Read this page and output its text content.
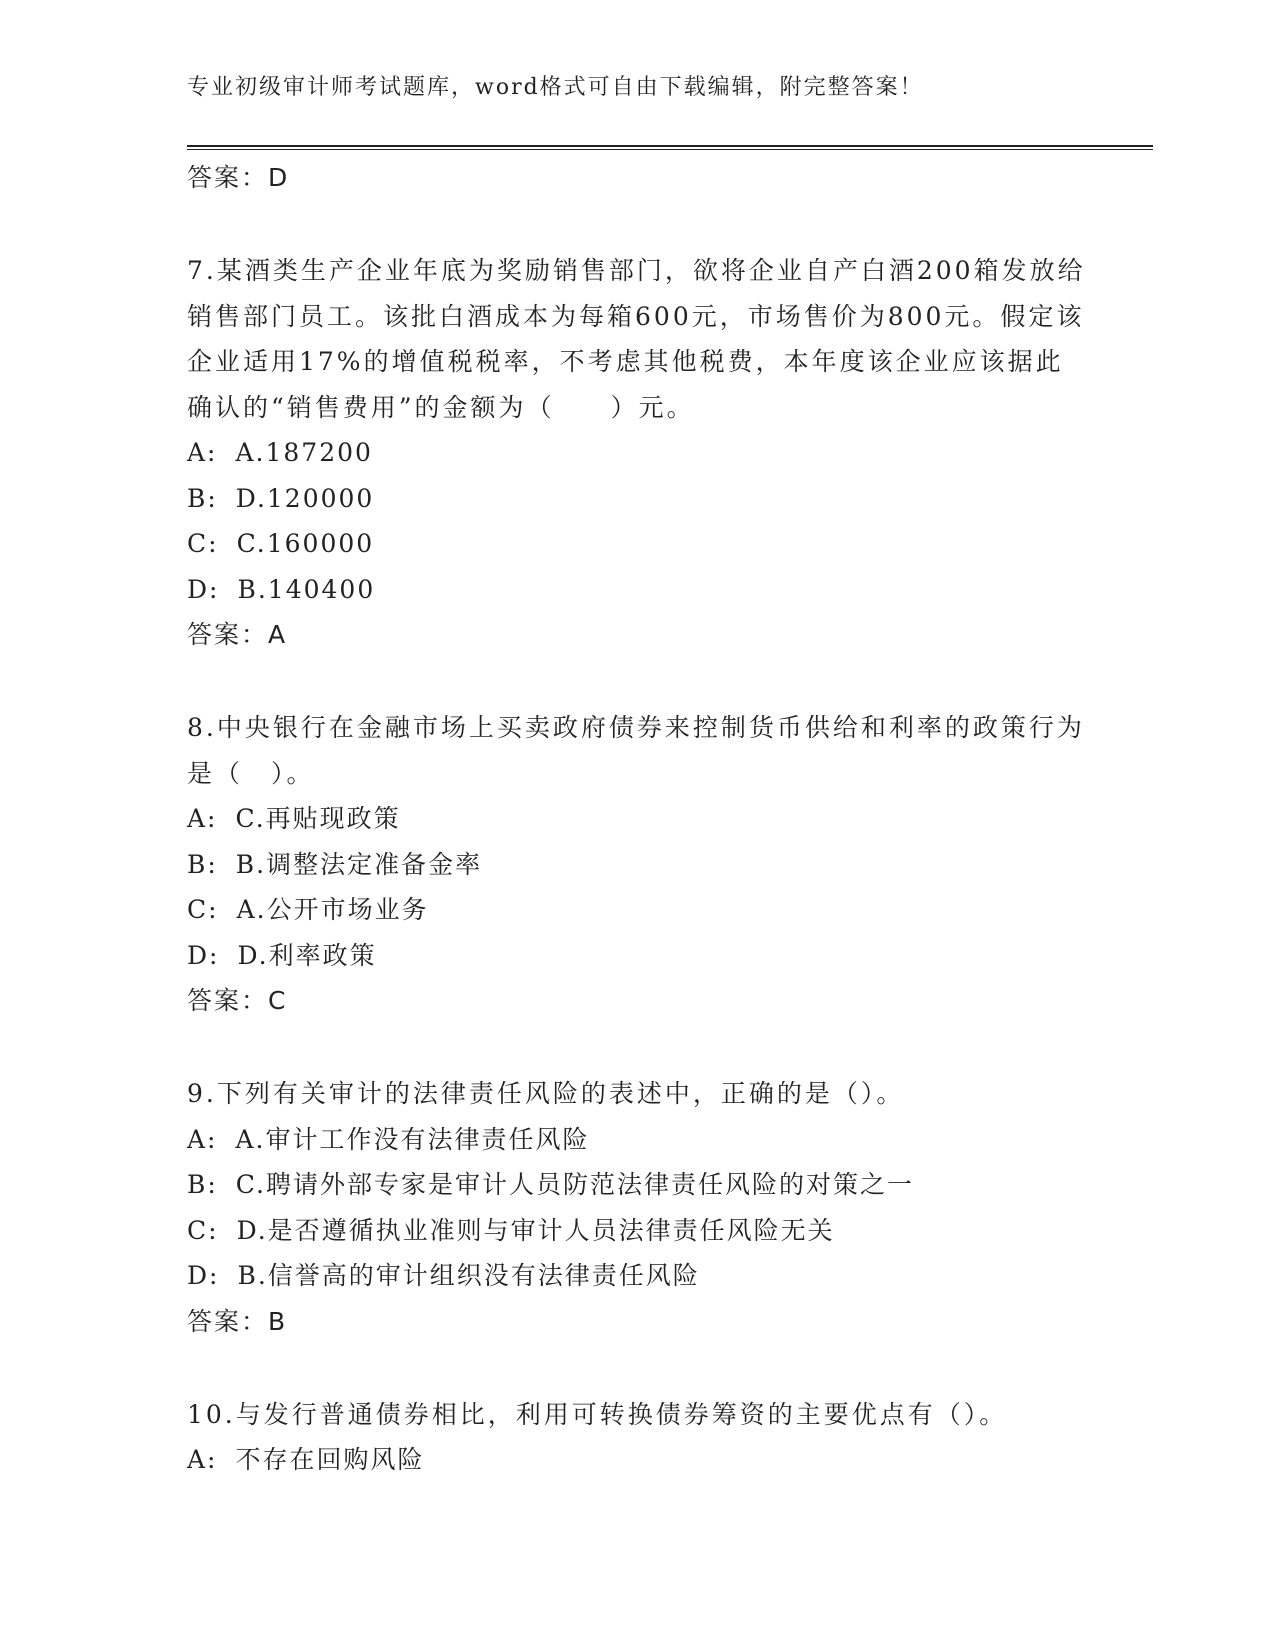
专业初级审计师考试题库，word格式可自由下载编辑，附完整答案！
答案：D
7.某酒类生产企业年底为奖励销售部门，欲将企业自产白酒200箱发放给销售部门员工。该批白酒成本为每箱600元，市场售价为800元。假定该企业适用17%的增值税税率，不考虑其他税费，本年度该企业应该据此确认的“销售费用”的金额为（　　）元。
A: A.187200
B: D.120000
C: C.160000
D: B.140400
答案：A
8.中央银行在金融市场上买卖政府债券来控制货币供给和利率的政策行为是（　）。
A: C.再贴现政策
B: B.调整法定准备金率
C: A.公开市场业务
D: D.利率政策
答案：C
9.下列有关审计的法律责任风险的表述中，正确的是（）。
A: A.审计工作没有法律责任风险
B: C.聘请外部专家是审计人员防范法律责任风险的对策之一
C: D.是否遵循执业准则与审计人员法律责任风险无关
D: B.信誉高的审计组织没有法律责任风险
答案：B
10.与发行普通债券相比，利用可转换债券筹资的主要优点有（）。
A: 不存在回购风险
